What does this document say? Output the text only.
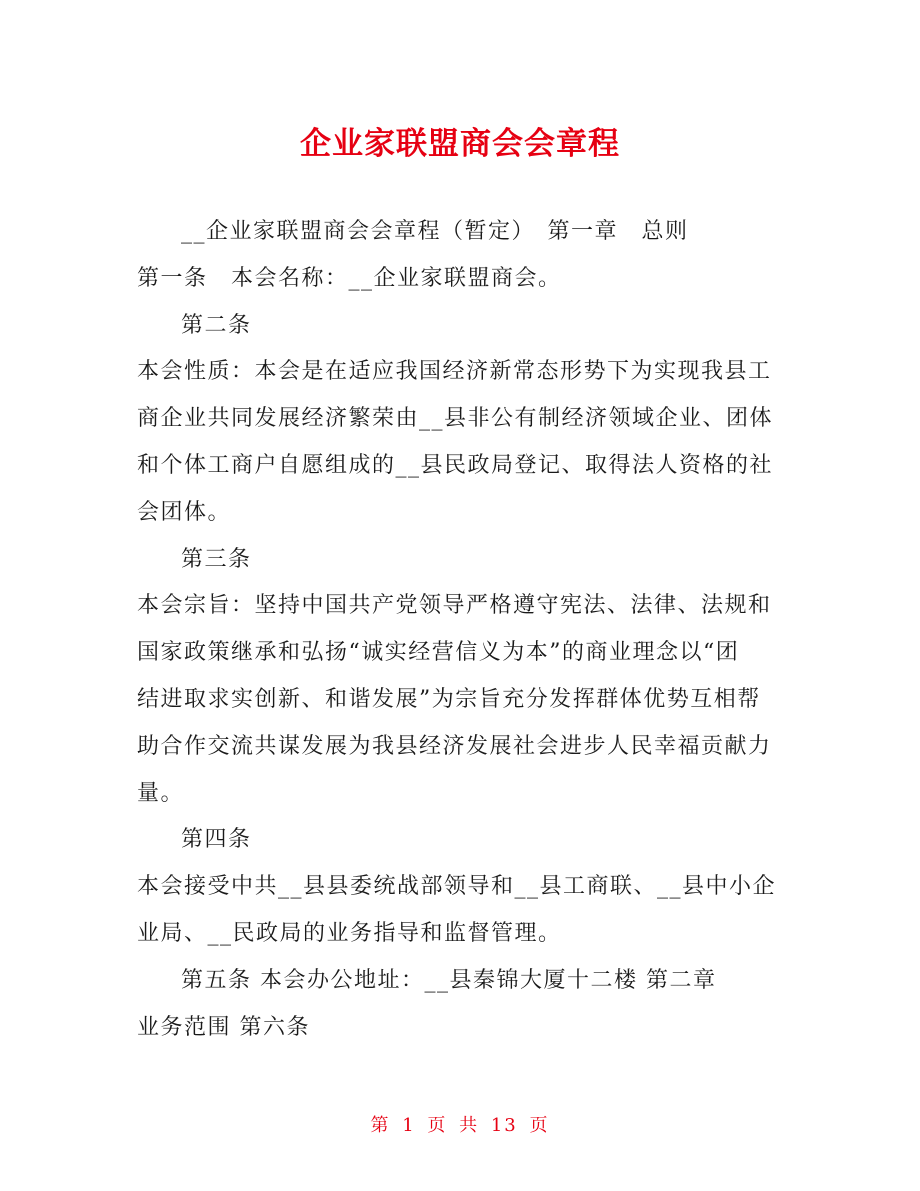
企业家联盟商会会章程
__企业家联盟商会会章程（暂定）　第一章　总则
第一条　本会名称：__企业家联盟商会。
第二条
本会性质：本会是在适应我国经济新常态形势下为实现我县工
商企业共同发展经济繁荣由__县非公有制经济领域企业、团体
和个体工商户自愿组成的__县民政局登记、取得法人资格的社
会团体。
第三条
本会宗旨：坚持中国共产党领导严格遵守宪法、法律、法规和
国家政策继承和弘扬“诚实经营信义为本”的商业理念以“团
结进取求实创新、和谐发展”为宗旨充分发挥群体优势互相帮
助合作交流共谋发展为我县经济发展社会进步人民幸福贡献力
量。
第四条
本会接受中共__县县委统战部领导和__县工商联、__县中小企
业局、__民政局的业务指导和监督管理。
第五条 本会办公地址：__县秦锦大厦十二楼 第二章
业务范围 第六条
第 1 页 共 13 页
